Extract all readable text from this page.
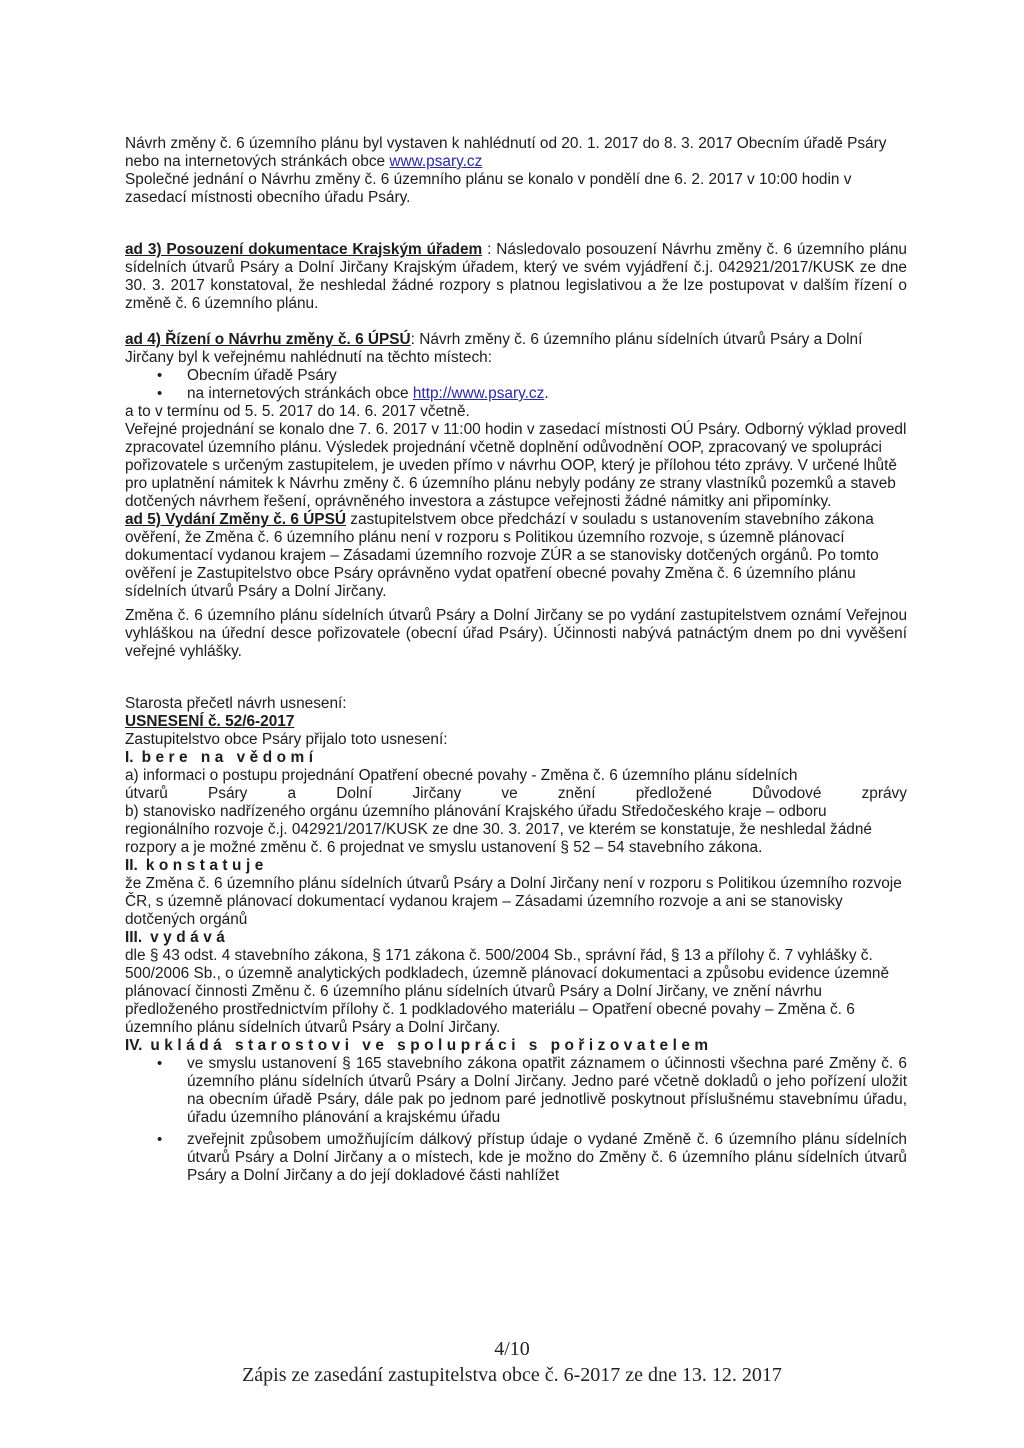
Návrh změny č. 6 územního plánu byl vystaven k nahlédnutí od 20. 1. 2017 do 8. 3. 2017 Obecním úřadě Psáry nebo na internetových stránkách obce www.psary.cz

Společné jednání o Návrhu změny č. 6 územního plánu se konalo v pondělí dne 6. 2. 2017 v 10:00 hodin v zasedací místnosti obecního úřadu Psáry.

ad 3) Posouzení dokumentace Krajským úřadem : Následovalo posouzení Návrhu změny č. 6 územního plánu sídelních útvarů Psáry a Dolní Jirčany Krajským úřadem, který ve svém vyjádření č.j. 042921/2017/KUSK ze dne 30. 3. 2017 konstatoval, že neshledal žádné rozpory s platnou legislativou a že lze postupovat v dalším řízení o změně č. 6 územního plánu.

ad 4) Řízení o Návrhu změny č. 6 ÚPSÚ: Návrh změny č. 6 územního plánu sídelních útvarů Psáry a Dolní Jirčany byl k veřejnému nahlédnutí na těchto místech:

• Obecním úřadě Psáry
• na internetových stránkách obce http://www.psary.cz.

a to v termínu od 5. 5. 2017 do 14. 6. 2017 včetně.

Veřejné projednání se konalo dne 7. 6. 2017 v 11:00 hodin v zasedací místnosti OÚ Psáry. Odborný výklad provedl zpracovatel územního plánu. Výsledek projednání včetně doplnění odůvodnění OOP, zpracovaný ve spolupráci pořizovatele s určeným zastupitelem, je uveden přímo v návrhu OOP, který je přílohou této zprávy. V určené lhůtě pro uplatnění námitek k Návrhu změny č. 6 územního plánu nebyly podány ze strany vlastníků pozemků a staveb dotčených návrhem řešení, oprávněného investora a zástupce veřejnosti žádné námitky ani připomínky.

ad 5) Vydání Změny č. 6 ÚPSÚ zastupitelstvem obce předchází v souladu s ustanovením stavebního zákona ověření, že Změna č. 6 územního plánu není v rozporu s Politikou územního rozvoje, s územně plánovací dokumentací vydanou krajem – Zásadami územního rozvoje ZÚR a se stanovisky dotčených orgánů. Po tomto ověření je Zastupitelstvo obce Psáry oprávněno vydat opatření obecné povahy Změna č. 6 územního plánu sídelních útvarů Psáry a Dolní Jirčany.

Změna č. 6 územního plánu sídelních útvarů Psáry a Dolní Jirčany se po vydání zastupitelstvem oznámí Veřejnou vyhláškou na úřední desce pořizovatele (obecní úřad Psáry). Účinnosti nabývá patnáctým dnem po dni vyvěšení veřejné vyhlášky.

Starosta přečetl návrh usnesení:

USNESENÍ č. 52/6-2017

Zastupitelstvo obce Psáry přijalo toto usnesení:

I. bere na vědomí

a) informaci o postupu projednání Opatření obecné povahy - Změna č. 6 územního plánu sídelních

útvarů	Psáry	a	Dolní	Jirčany	ve	znění	předložené	Důvodové	zprávy

b) stanovisko nadřízeného orgánu územního plánování Krajského úřadu Středočeského kraje – odboru regionálního rozvoje č.j. 042921/2017/KUSK ze dne 30. 3. 2017, ve kterém se konstatuje, že neshledal žádné rozpory a je možné změnu č. 6 projednat ve smyslu ustanovení § 52 – 54 stavebního zákona.

II. konstatuje

že Změna č. 6 územního plánu sídelních útvarů Psáry a Dolní Jirčany není v rozporu s Politikou územního rozvoje ČR, s územně plánovací dokumentací vydanou krajem – Zásadami územního rozvoje a ani se stanovisky dotčených orgánů

III. vydává

dle § 43 odst. 4 stavebního zákona, § 171 zákona č. 500/2004 Sb., správní řád, § 13 a přílohy č. 7 vyhlášky č. 500/2006 Sb., o územně analytických podkladech, územně plánovací dokumentaci a způsobu evidence územně plánovací činnosti Změnu č. 6 územního plánu sídelních útvarů Psáry a Dolní Jirčany, ve znění návrhu předloženého prostřednictvím přílohy č. 1 podkladového materiálu – Opatření obecné povahy – Změna č. 6 územního plánu sídelních útvarů Psáry a Dolní Jirčany.

IV. ukládá starostovi ve spolupráci s pořizovatelem

• ve smyslu ustanovení § 165 stavebního zákona opatřit záznamem o účinnosti všechna paré Změny č. 6 územního plánu sídelních útvarů Psáry a Dolní Jirčany. Jedno paré včetně dokladů o jeho pořízení uložit na obecním úřadě Psáry, dále pak po jednom paré jednotlivě poskytnout příslušnému stavebnímu úřadu, úřadu územního plánování a krajskému úřadu
• zveřejnit způsobem umožňujícím dálkový přístup údaje o vydané Změně č. 6 územního plánu sídelních útvarů Psáry a Dolní Jirčany a o místech, kde je možno do Změny č. 6 územního plánu sídelních útvarů Psáry a Dolní Jirčany a do její dokladové části nahlížet
4/10
Zápis ze zasedání zastupitelstva obce č. 6-2017 ze dne 13. 12. 2017
